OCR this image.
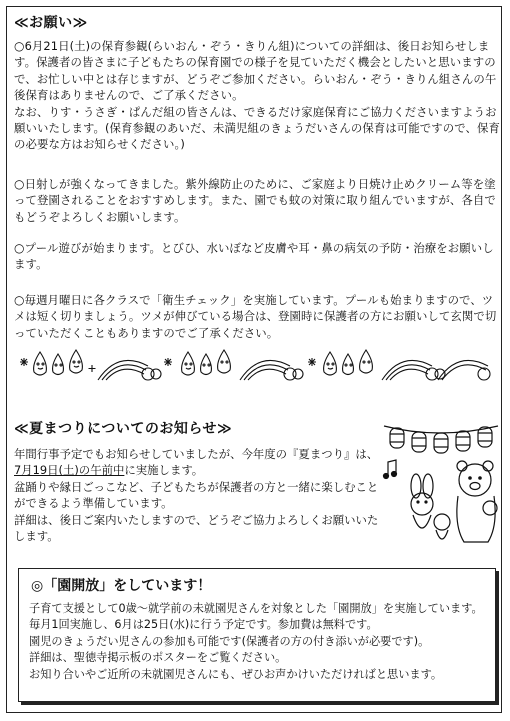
≪お願い≫
○6月21日(土)の保育参観(らいおん・ぞう・きりん組)についての詳細は、後日お知らせします。保護者の皆さまに子どもたちの保育園での様子を見ていただく機会としたいと思いますので、お忙しい中とは存じますが、どうぞご参加ください。らいおん・ぞう・きりん組さんの午後保育はありませんので、ご了承ください。
なお、りす・うさぎ・ぱんだ組の皆さんは、できるだけ家庭保育にご協力くださいますようお願いいたします。(保育参観のあいだ、未満児組のきょうだいさんの保育は可能ですので、保育の必要な方はお知らせください。)
○日射しが強くなってきました。紫外線防止のために、ご家庭より日焼け止めクリーム等を塗って登園されることをおすすめします。また、園でも蚊の対策に取り組んでいますが、各自でもどうぞよろしくお願いします。
○プール遊びが始まります。とびひ、水いぼなど皮膚や耳・鼻の病気の予防・治療をお願いします。
○毎週月曜日に各クラスで「衛生チェック」を実施しています。プールも始まりますので、ツメは短く切りましょう。ツメが伸びている場合は、登園時に保護者の方にお願いして玄関で切っていただくこともありますのでご了承ください。
≪夏まつりについてのお知らせ≫
年間行事予定でもお知らせしていましたが、今年度の『夏まつり』は、
7月19日(土)の午前中に実施します。
盆踊りや縁日ごっこなど、子どもたちが保護者の方と一緒に楽しむことができるよう準備しています。
詳細は、後日ご案内いたしますので、どうぞご協力よろしくお願いいたします。
◎「園開放」をしています！
子育て支援として0歳～就学前の未就園児さんを対象とした「園開放」を実施しています。毎月1回実施し、6月は25日(水)に行う予定です。参加費は無料です。
園児のきょうだい児さんの参加も可能です(保護者の方の付き添いが必要です)。
詳細は、聖徳寺掲示板のポスターをご覧ください。
お知り合いやご近所の未就園児さんにも、ぜひお声かけいただければと思います。
